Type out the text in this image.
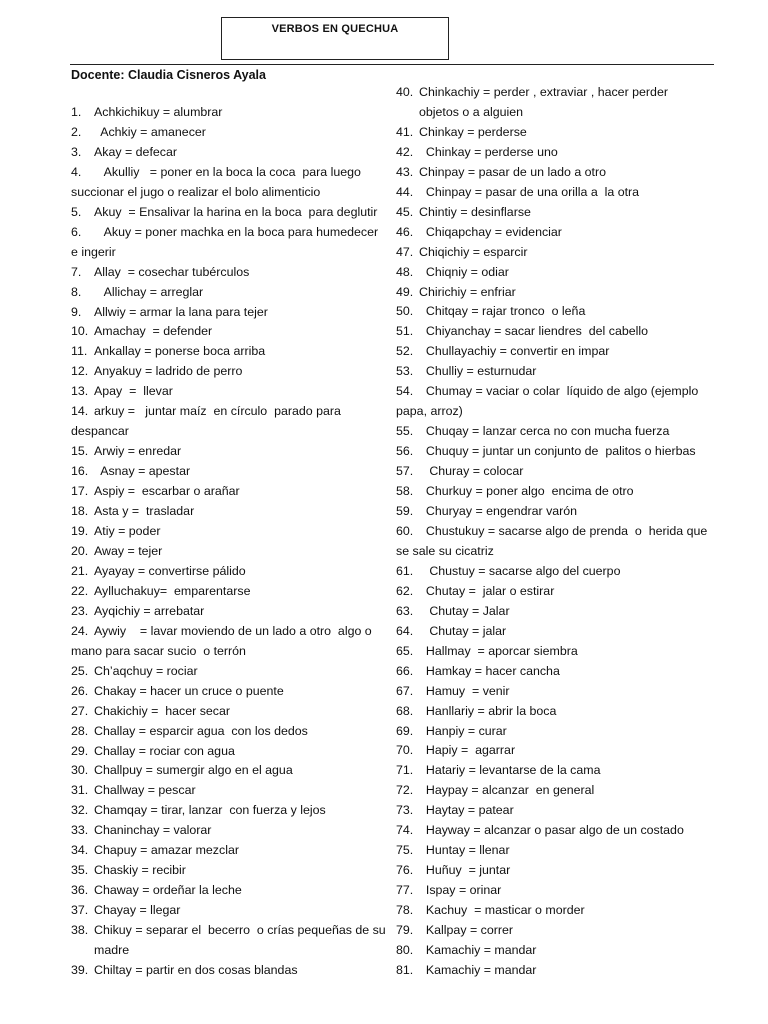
VERBOS EN QUECHUA
Docente: Claudia Cisneros Ayala
1.	Achkichikuy = alumbrar
2.	Achkiy = amanecer
3.	Akay = defecar
4.	Akulliy   = poner en la boca la coca  para luego
succionar el jugo o realizar el bolo alimenticio
5.	Akuy  = Ensalivar la harina en la boca  para deglutir
6.	Akuy = poner machka en la boca para humedecer
e ingerir
7.	Allay  = cosechar tubérculos
8.	Allichay = arreglar
9.	Allwiy = armar la lana para tejer
10. Amachay  = defender
11. Ankallay = ponerse boca arriba
12. Anyakuy = ladrido de perro
13. Apay  =  llevar
14. arkuy =   juntar maíz  en círculo  parado para
despancar
15. Arwiy = enredar
16. Asnay = apestar
17. Aspiy =  escarbar o arañar
18. Asta y =  trasladar
19. Atiy = poder
20. Away = tejer
21. Ayayay = convertirse pálido
22. Aylluchakuy=  emparentarse
23. Ayqichiy = arrebatar
24. Aywiy    = lavar moviendo de un lado a otro  algo o
mano para sacar sucio  o terrón
25. Ch’aqchuy = rociar
26. Chakay = hacer un cruce o puente
27. Chakichiy =  hacer secar
28. Challay = esparcir agua  con los dedos
29. Challay = rociar con agua
30. Challpuy = sumergir algo en el agua
31. Challway = pescar
32. Chamqay = tirar, lanzar  con fuerza y lejos
33. Chaninchay = valorar
34. Chapuy = amazar mezclar
35. Chaskiy = recibir
36. Chaway = ordeñar la leche
37. Chayay = llegar
38. Chikuy = separar el  becerro  o crías pequeñas de su
madre
39. Chiltay = partir en dos cosas blandas
40. Chinkachiy = perder , extraviar , hacer perder
objetos o a alguien
41. Chinkay = perderse
42. Chinkay = perderse uno
43. Chinpay = pasar de un lado a otro
44. Chinpay = pasar de una orilla a  la otra
45. Chintiy = desinflarse
46. Chiqapchay = evidenciar
47. Chiqichiy = esparcir
48. Chiqniy = odiar
49. Chirichiy = enfriar
50. Chitqay = rajar tronco  o leña
51. Chiyanchay = sacar liendres  del cabello
52. Chullayachiy = convertir en impar
53. Chulliy = esturnudar
54. Chumay = vaciar o colar  líquido de algo (ejemplo
papa, arroz)
55. Chuqay = lanzar cerca no con mucha fuerza
56. Chuquy = juntar un conjunto de  palitos o hierbas
57. Churay = colocar
58. Churkuy = poner algo  encima de otro
59. Churyay = engendrar varón
60. Chustukuy = sacarse algo de prenda  o  herida que
se sale su cicatriz
61. Chustuy = sacarse algo del cuerpo
62. Chutay =  jalar o estirar
63. Chutay = Jalar
64. Chutay = jalar
65. Hallmay  = aporcar siembra
66. Hamkay = hacer cancha
67. Hamuy  = venir
68. Hanllariy = abrir la boca
69. Hanpiy = curar
70. Hapiy =  agarrar
71. Hatariy = levantarse de la cama
72. Haypay = alcanzar  en general
73. Haytay = patear
74. Hayway = alcanzar o pasar algo de un costado
75. Huntay = llenar
76. Huñuy  = juntar
77. Ispay = orinar
78. Kachuy  = masticar o morder
79. Kallpay = correr
80. Kamachiy = mandar
81. Kamachiy = mandar
